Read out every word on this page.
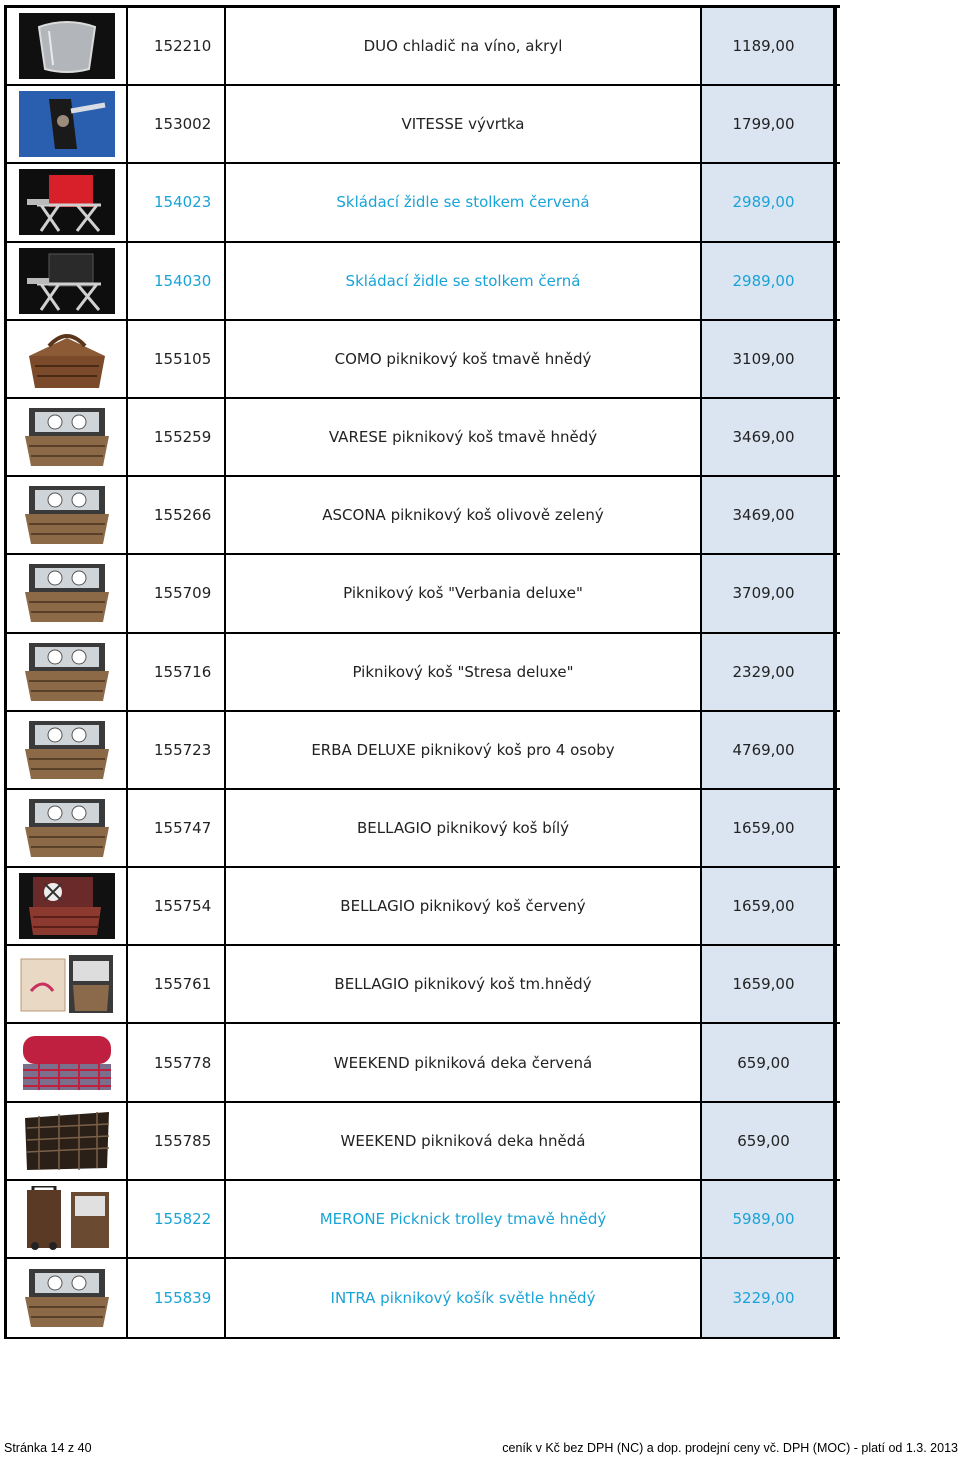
152210	DUO chladič na víno, akryl	1189,00
153002	VITESSE vývrtka	1799,00
154023	Skládací židle se stolkem červená	2989,00
154030	Skládací židle se stolkem černá	2989,00
155105	COMO piknikový koš tmavě hnědý	3109,00
155259	VARESE piknikový koš tmavě hnědý	3469,00
155266	ASCONA piknikový koš olivově zelený	3469,00
155709	Piknikový koš "Verbania deluxe"	3709,00
155716	Piknikový koš "Stresa deluxe"	2329,00
155723	ERBA DELUXE piknikový koš pro 4 osoby	4769,00
155747	BELLAGIO piknikový koš bílý	1659,00
155754	BELLAGIO piknikový koš červený	1659,00
155761	BELLAGIO piknikový koš tm.hnědý	1659,00
155778	WEEKEND pikniková deka červená	659,00
155785	WEEKEND pikniková deka hnědá	659,00
155822	MERONE Picknick trolley tmavě hnědý	5989,00
155839	INTRA piknikový košík světle hnědý	3229,00
Stránka 14 z 40	ceník v Kč bez DPH (NC) a dop. prodejní ceny vč. DPH (MOC) - platí od 1.3. 2013
